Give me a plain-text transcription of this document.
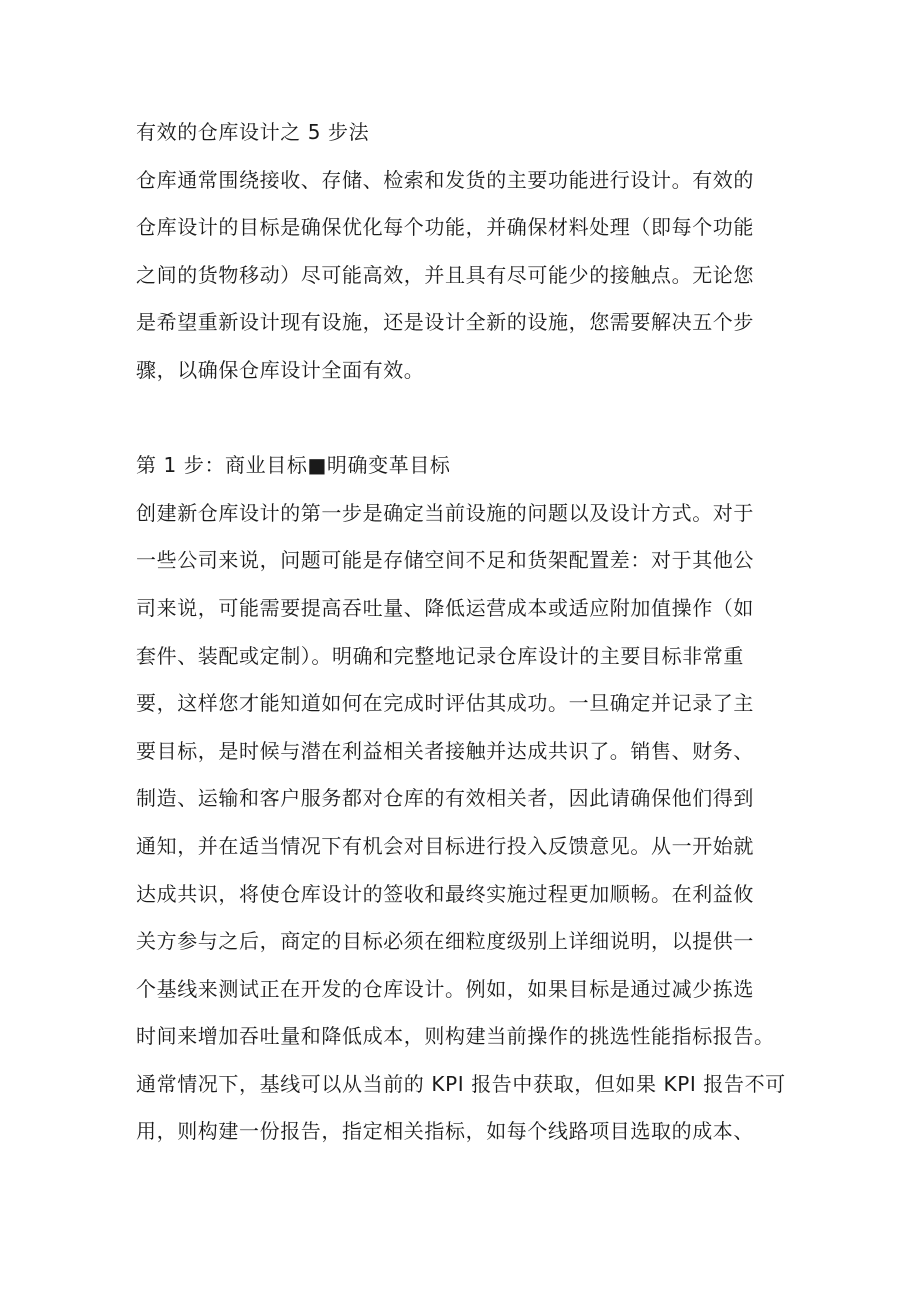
有效的仓库设计之 5 步法
仓库通常围绕接收、存储、检索和发货的主要功能进行设计。有效的
仓库设计的目标是确保优化每个功能，并确保材料处理（即每个功能
之间的货物移动）尽可能高效，并且具有尽可能少的接触点。无论您
是希望重新设计现有设施，还是设计全新的设施，您需要解决五个步
骤，以确保仓库设计全面有效。
第 1 步：商业目标■明确变革目标
创建新仓库设计的第一步是确定当前设施的问题以及设计方式。对于
一些公司来说，问题可能是存储空间不足和货架配置差：对于其他公
司来说，可能需要提高吞吐量、降低运营成本或适应附加值操作（如
套件、装配或定制）。明确和完整地记录仓库设计的主要目标非常重
要，这样您才能知道如何在完成时评估其成功。一旦确定并记录了主
要目标，是时候与潜在利益相关者接触并达成共识了。销售、财务、
制造、运输和客户服务都对仓库的有效相关者，因此请确保他们得到
通知，并在适当情况下有机会对目标进行投入反馈意见。从一开始就
达成共识，将使仓库设计的签收和最终实施过程更加顺畅。在利益攸
关方参与之后，商定的目标必须在细粒度级别上详细说明，以提供一
个基线来测试正在开发的仓库设计。例如，如果目标是通过减少拣选
时间来增加吞吐量和降低成本，则构建当前操作的挑选性能指标报告。
通常情况下，基线可以从当前的 KPI 报告中获取，但如果 KPI 报告不可
用，则构建一份报告，指定相关指标，如每个线路项目选取的成本、
